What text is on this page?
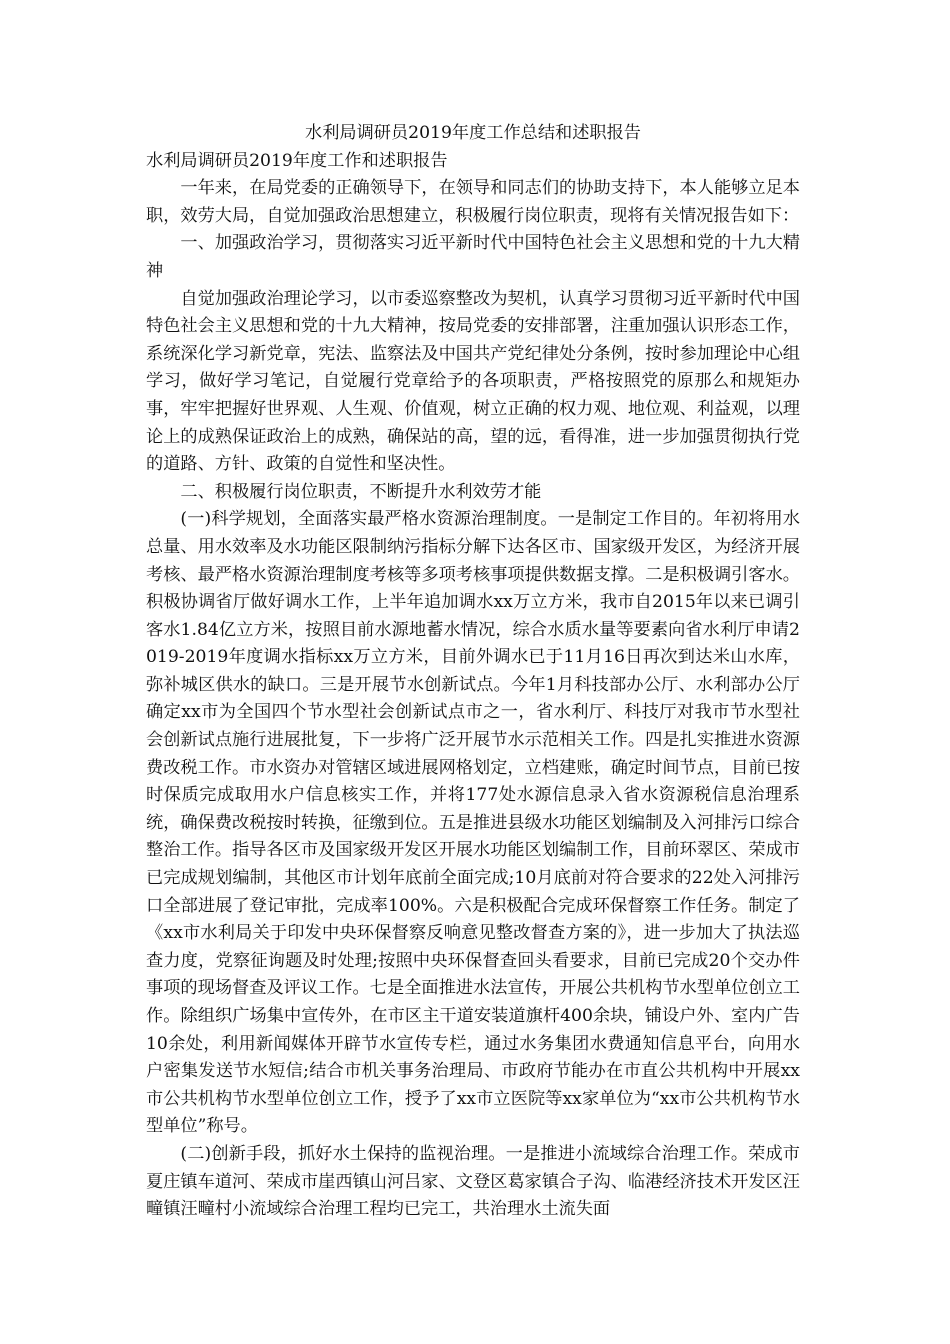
水利局调研员2019年度工作总结和述职报告

水利局调研员2019年度工作和述职报告

一年来，在局党委的正确领导下，在领导和同志们的协助支持下，本人能够立足本职，效劳大局，自觉加强政治思想建立，积极履行岗位职责，现将有关情况报告如下：

一、加强政治学习，贯彻落实习近平新时代中国特色社会主义思想和党的十九大精神

自觉加强政治理论学习，以市委巡察整改为契机，认真学习贯彻习近平新时代中国特色社会主义思想和党的十九大精神，按局党委的安排部署，注重加强认识形态工作，系统深化学习新党章，宪法、监察法及中国共产党纪律处分条例，按时参加理论中心组学习，做好学习笔记，自觉履行党章给予的各项职责，严格按照党的原那么和规矩办事，牢牢把握好世界观、人生观、价值观，树立正确的权力观、地位观、利益观，以理论上的成熟保证政治上的成熟，确保站的高，望的远，看得准，进一步加强贯彻执行党的道路、方针、政策的自觉性和坚决性。

二、积极履行岗位职责，不断提升水利效劳才能

(一)科学规划，全面落实最严格水资源治理制度。一是制定工作目的。年初将用水总量、用水效率及水功能区限制纳污指标分解下达各区市、国家级开发区，为经济开展考核、最严格水资源治理制度考核等多项考核事项提供数据支撑。二是积极调引客水。积极协调省厅做好调水工作，上半年追加调水xx万立方米，我市自2015年以来已调引客水1.84亿立方米，按照目前水源地蓄水情况，综合水质水量等要素向省水利厅申请2019-2019年度调水指标xx万立方米，目前外调水已于11月16日再次到达米山水库，弥补城区供水的缺口。三是开展节水创新试点。今年1月科技部办公厅、水利部办公厅确定xx市为全国四个节水型社会创新试点市之一，省水利厅、科技厅对我市节水型社会创新试点施行进展批复，下一步将广泛开展节水示范相关工作。四是扎实推进水资源费改税工作。市水资办对管辖区域进展网格划定，立档建账，确定时间节点，目前已按时保质完成取用水户信息核实工作，并将177处水源信息录入省水资源税信息治理系统，确保费改税按时转换，征缴到位。五是推进县级水功能区划编制及入河排污口综合整治工作。指导各区市及国家级开发区开展水功能区划编制工作，目前环翠区、荣成市已完成规划编制，其他区市计划年底前全面完成;10月底前对符合要求的22处入河排污口全部进展了登记审批，完成率100%。六是积极配合完成环保督察工作任务。制定了《xx市水利局关于印发中央环保督察反响意见整改督查方案的》，进一步加大了执法巡查力度，党察征询题及时处理;按照中央环保督查回头看要求，目前已完成20个交办件事项的现场督查及评议工作。七是全面推进水法宣传，开展公共机构节水型单位创立工作。除组织广场集中宣传外，在市区主干道安装道旗杆400余块，铺设户外、室内广告10余处，利用新闻媒体开辟节水宣传专栏，通过水务集团水费通知信息平台，向用水户密集发送节水短信;结合市机关事务治理局、市政府节能办在市直公共机构中开展xx市公共机构节水型单位创立工作，授予了xx市立医院等xx家单位为“xx市公共机构节水型单位”称号。

(二)创新手段，抓好水土保持的监视治理。一是推进小流域综合治理工作。荣成市夏庄镇车道河、荣成市崖西镇山河吕家、文登区葛家镇合子沟、临港经济技术开发区汪疃镇汪疃村小流域综合治理工程均已完工，共治理水土流失面
